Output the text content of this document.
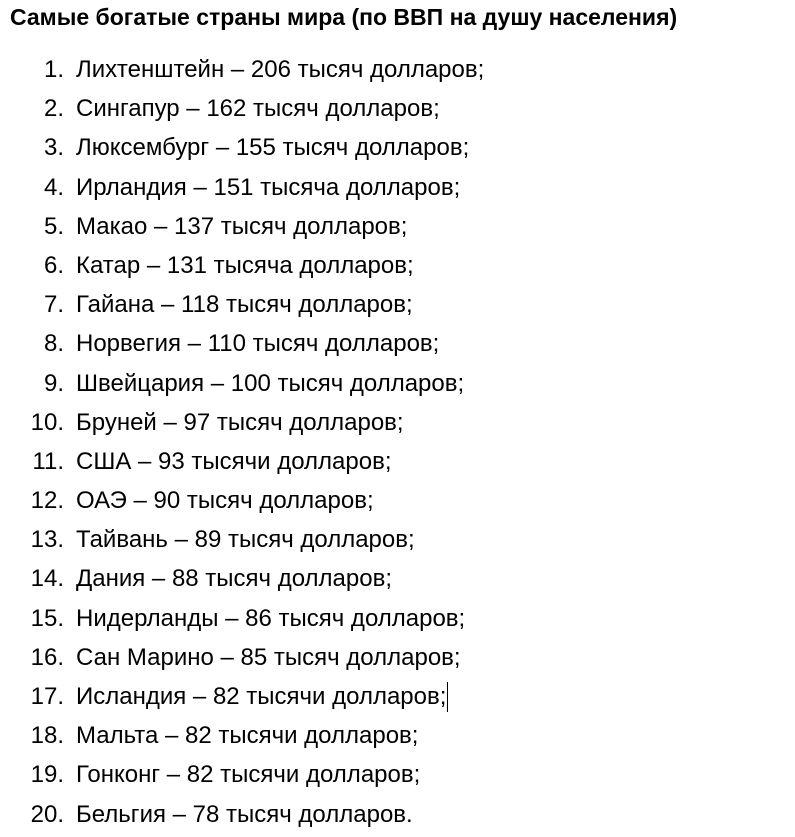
Самые богатые страны мира (по ВВП на душу населения)
1. Лихтенштейн – 206 тысяч долларов;
2. Сингапур – 162 тысяч долларов;
3. Люксембург – 155 тысяч долларов;
4. Ирландия – 151 тысяча долларов;
5. Макао – 137 тысяч долларов;
6. Катар – 131 тысяча долларов;
7. Гайана – 118 тысяч долларов;
8. Норвегия – 110 тысяч долларов;
9. Швейцария – 100 тысяч долларов;
10. Бруней – 97 тысяч долларов;
11. США – 93 тысячи долларов;
12. ОАЭ – 90 тысяч долларов;
13. Тайвань – 89 тысяч долларов;
14. Дания – 88 тысяч долларов;
15. Нидерланды – 86 тысяч долларов;
16. Сан Марино – 85 тысяч долларов;
17. Исландия – 82 тысячи долларов;
18. Мальта – 82 тысячи долларов;
19. Гонконг – 82 тысячи долларов;
20. Бельгия – 78 тысяч долларов.
